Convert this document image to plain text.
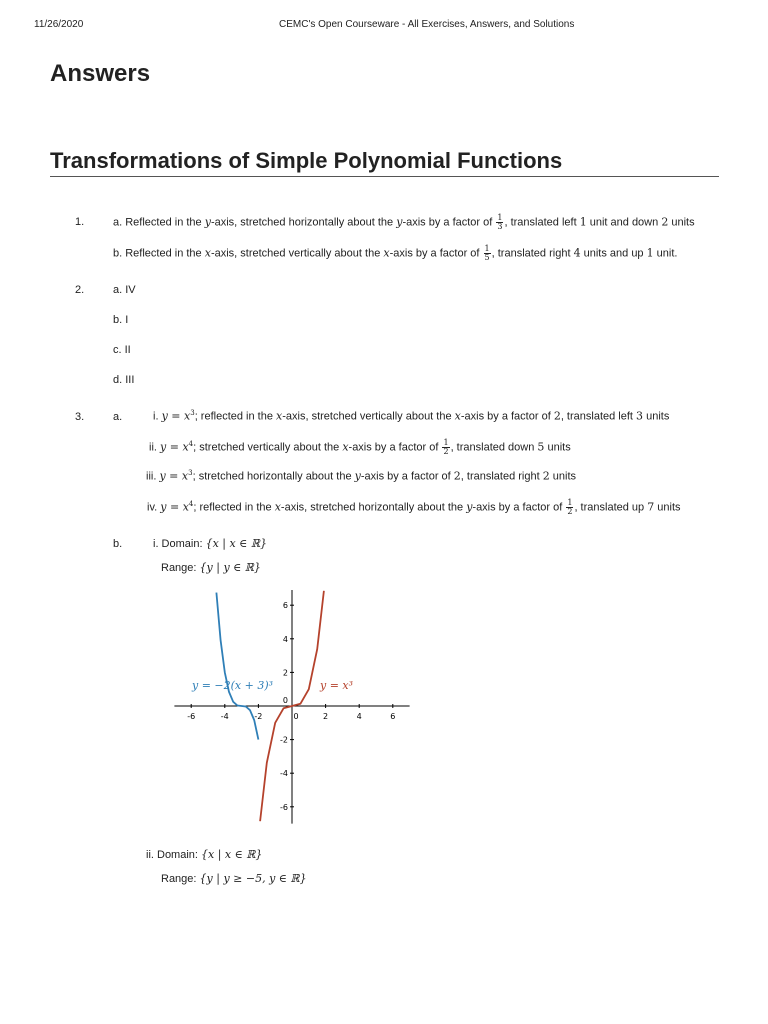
11/26/2020	CEMC's Open Courseware - All Exercises, Answers, and Solutions
Answers
Transformations of Simple Polynomial Functions
1.	a. Reflected in the y-axis, stretched horizontally about the y-axis by a factor of $\frac{1}{3}$ , translated left 1 unit and down 2 units
b. Reflected in the x-axis, stretched vertically about the x-axis by a factor of $\frac{1}{5}$ , translated right 4 units and up 1 unit.
2.	a. IV
b. I
c. II
d. III
3.	a.	i. $y = x^3$; reflected in the x-axis, stretched vertically about the x-axis by a factor of 2, translated left 3 units
ii. $y = x^4$; stretched vertically about the x-axis by a factor of $\frac{1}{2}$ , translated down 5 units
iii. $y = x^3$; stretched horizontally about the y-axis by a factor of 2, translated right 2 units
iv. $y = x^4$; reflected in the x-axis, stretched horizontally about the y-axis by a factor of $\frac{1}{2}$ , translated up 7 units
b.	i. Domain: {x | x ∈ ℝ}
Range: {y | y ∈ ℝ}
-6	-4	-2	0	2	4	6
6
4
2
-2
-4
-6
0
y = −2(x + 3)³	y = x³
ii. Domain: {x | x ∈ ℝ}
Range: {y | y ≥ −5, y ∈ ℝ}
